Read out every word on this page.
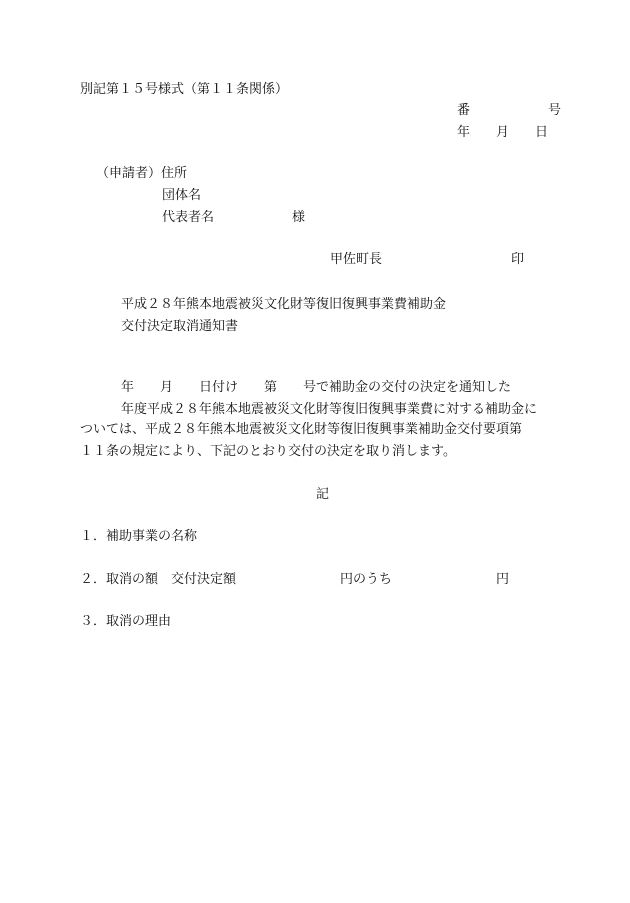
別記第１５号様式（第１１条関係）

番　　　　　　号

年　　月　　日

（申請者）住所

団体名

代表者名　　　　　　様

甲佐町長	印

平成２８年熊本地震被災文化財等復旧復興事業費補助金

交付決定取消通知書

年　　月　　日付け　　第　　号で補助金の交付の決定を通知した

年度平成２８年熊本地震被災文化財等復旧復興事業費に対する補助金に

ついては、平成２８年熊本地震被災文化財等復旧復興事業補助金交付要項第

１１条の規定により、下記のとおり交付の決定を取り消します。

記

１．補助事業の名称

２．取消の額　交付決定額　　　　　　　　円のうち　　　　　　　　円

３．取消の理由
